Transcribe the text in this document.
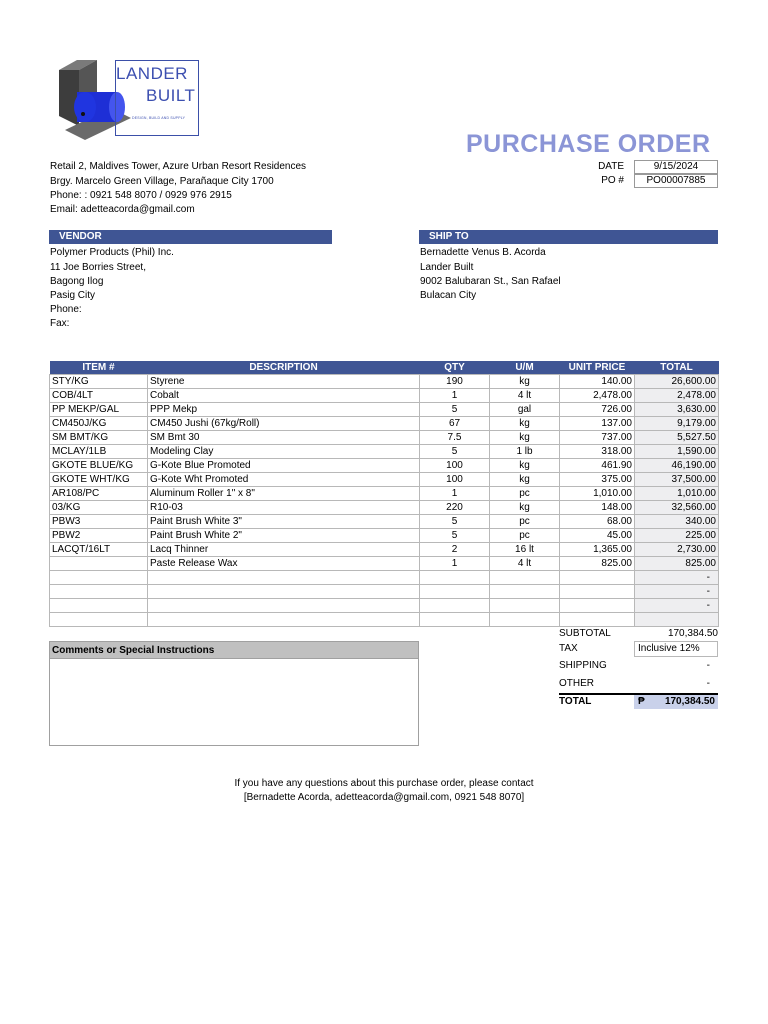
LANDER
BUILT
DESIGN, BUILD AND SUPPLY
PURCHASE ORDER
Retail 2, Maldives Tower, Azure Urban Resort Residences
Brgy. Marcelo Green Village, Parañaque City 1700
Phone: : 0921 548 8070 / 0929 976 2915
Email: adetteacorda@gmail.com
DATE	9/15/2024
PO #	PO00007885
VENDOR	SHIP TO
Polymer Products (Phil) Inc.
11 Joe Borries Street,
Bagong Ilog
Pasig City
Phone:
Fax:
Bernadette Venus B. Acorda
Lander Built
9002 Balubaran St., San Rafael
Bulacan City
ITEM #	DESCRIPTION	QTY	U/M	UNIT PRICE	TOTAL
STY/KG	Styrene	190	kg	140.00	26,600.00
COB/4LT	Cobalt	1	4 lt	2,478.00	2,478.00
PP MEKP/GAL	PPP Mekp	5	gal	726.00	3,630.00
CM450J/KG	CM450 Jushi (67kg/Roll)	67	kg	137.00	9,179.00
SM BMT/KG	SM Bmt 30	7.5	kg	737.00	5,527.50
MCLAY/1LB	Modeling Clay	5	1 lb	318.00	1,590.00
GKOTE BLUE/KG	G-Kote Blue Promoted	100	kg	461.90	46,190.00
GKOTE WHT/KG	G-Kote Wht Promoted	100	kg	375.00	37,500.00
AR108/PC	Aluminum Roller 1" x 8"	1	pc	1,010.00	1,010.00
03/KG	R10-03	220	kg	148.00	32,560.00
PBW3	Paint Brush White 3"	5	pc	68.00	340.00
PBW2	Paint Brush White 2"	5	pc	45.00	225.00
LACQT/16LT	Lacq Thinner	2	16 lt	1,365.00	2,730.00
	Paste Release Wax	1	4 lt	825.00	825.00
					-
					-
					-

SUBTOTAL	170,384.50
TAX	Inclusive 12%
SHIPPING	-
OTHER	-
TOTAL	₱	170,384.50
Comments or Special Instructions
If you have any questions about this purchase order, please contact
[Bernadette Acorda, adetteacorda@gmail.com, 0921 548 8070]
